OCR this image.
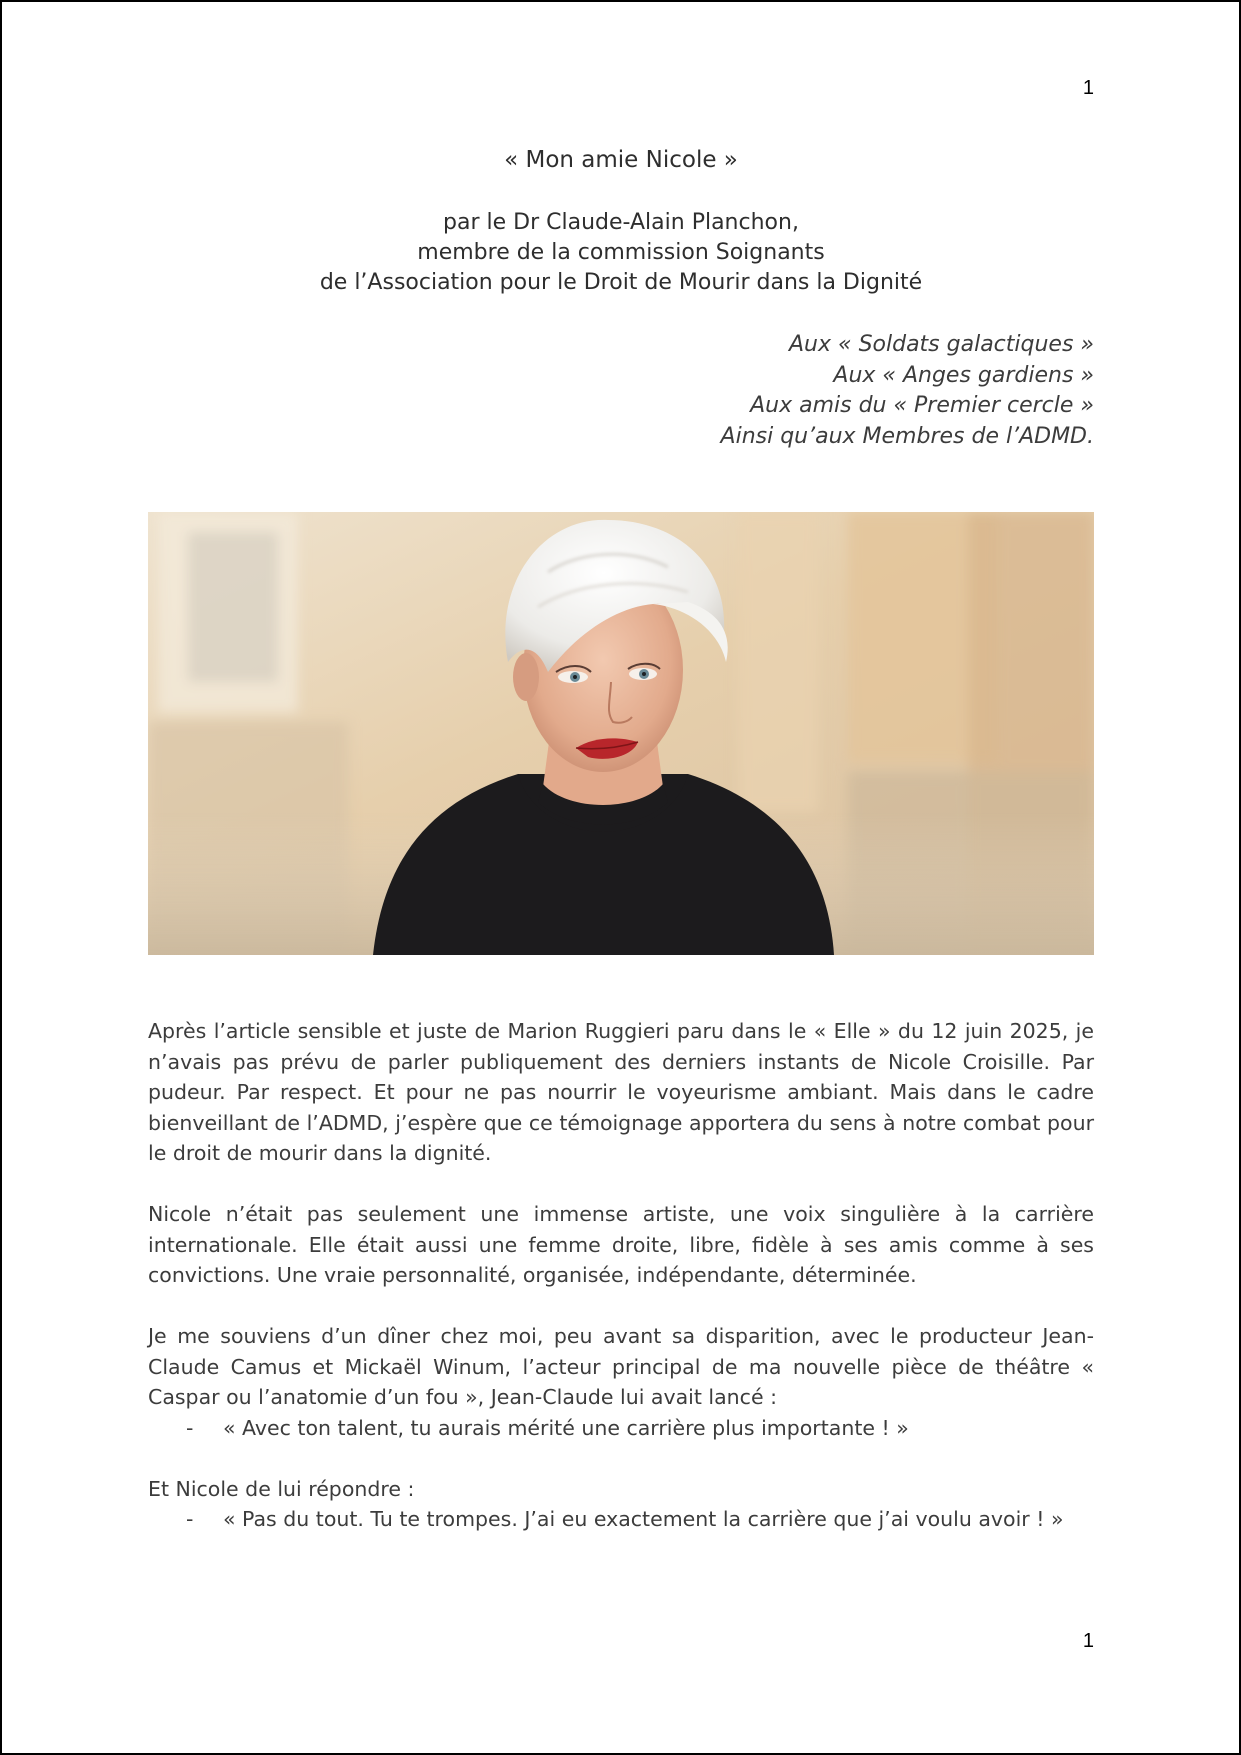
1
« Mon amie Nicole »
par le Dr Claude-Alain Planchon,
membre de la commission Soignants
de l’Association pour le Droit de Mourir dans la Dignité
Aux « Soldats galactiques »
Aux « Anges gardiens »
Aux amis du « Premier cercle »
Ainsi qu’aux Membres de l’ADMD.

Après l’article sensible et juste de Marion Ruggieri paru dans le « Elle » du 12 juin 2025, je n’avais pas prévu de parler publiquement des derniers instants de Nicole Croisille. Par pudeur. Par respect. Et pour ne pas nourrir le voyeurisme ambiant. Mais dans le cadre bienveillant de l’ADMD, j’espère que ce témoignage apportera du sens à notre combat pour le droit de mourir dans la dignité.

Nicole n’était pas seulement une immense artiste, une voix singulière à la carrière internationale. Elle était aussi une femme droite, libre, fidèle à ses amis comme à ses convictions. Une vraie personnalité, organisée, indépendante, déterminée.

Je me souviens d’un dîner chez moi, peu avant sa disparition, avec le producteur Jean-Claude Camus et Mickaël Winum, l’acteur principal de ma nouvelle pièce de théâtre « Caspar ou l’anatomie d’un fou », Jean-Claude lui avait lancé :

- « Avec ton talent, tu aurais mérité une carrière plus importante ! »

Et Nicole de lui répondre :

- « Pas du tout. Tu te trompes. J’ai eu exactement la carrière que j’ai voulu avoir ! »
1
